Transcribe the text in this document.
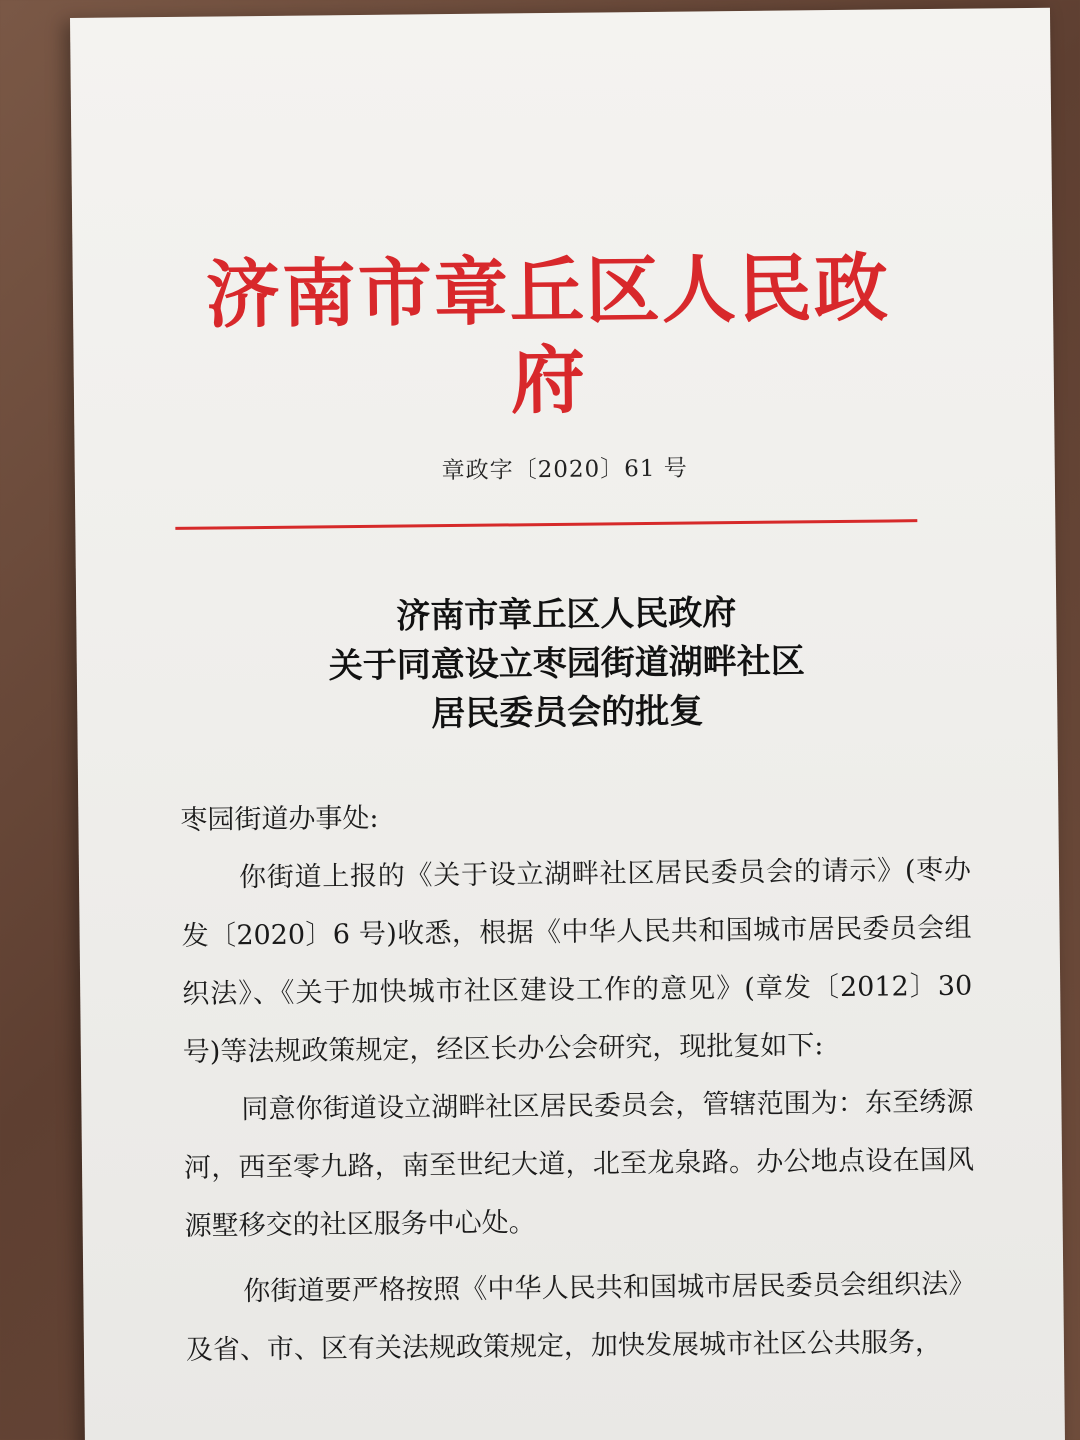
济南市章丘区人民政府
章政字〔2020〕61 号
济南市章丘区人民政府
关于同意设立枣园街道湖畔社区
居民委员会的批复

枣园街道办事处:

你街道上报的《关于设立湖畔社区居民委员会的请示》(枣办发〔2020〕6 号)收悉，根据《中华人民共和国城市居民委员会组织法》、《关于加快城市社区建设工作的意见》(章发〔2012〕30 号)等法规政策规定，经区长办公会研究，现批复如下:

同意你街道设立湖畔社区居民委员会，管辖范围为：东至绣源河，西至零九路，南至世纪大道，北至龙泉路。办公地点设在国风源墅移交的社区服务中心处。

你街道要严格按照《中华人民共和国城市居民委员会组织法》及省、市、区有关法规政策规定，加快发展城市社区公共服务，
